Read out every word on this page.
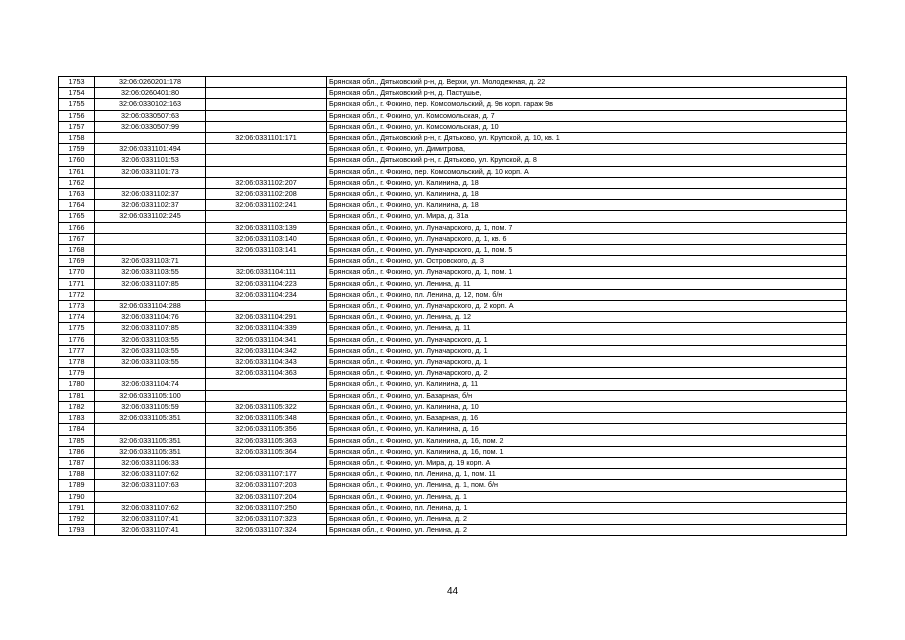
1753	32:06:0260201:178		Брянская обл., Дятьковский р-н, д. Верхи, ул. Молодежная, д. 22
1754	32:06:0260401:80		Брянская обл., Дятьковский р-н, д. Пастушье,
1755	32:06:0330102:163		Брянская обл., г. Фокино, пер. Комсомольский, д. 9в корп. гараж 9в
1756	32:06:0330507:63		Брянская обл., г. Фокино, ул. Комсомольская, д. 7
1757	32:06:0330507:99		Брянская обл., г. Фокино, ул. Комсомольская, д. 10
1758		32:06:0331101:171	Брянская обл., Дятьковский р-н, г. Дятьково, ул. Крупской, д. 10, кв. 1
1759	32:06:0331101:494		Брянская обл., г. Фокино, ул. Димитрова,
1760	32:06:0331101:53		Брянская обл., Дятьковский р-н, г. Дятьково, ул. Крупской, д. 8
1761	32:06:0331101:73		Брянская обл., г. Фокино, пер. Комсомольский, д. 10 корп. А
1762		32:06:0331102:207	Брянская обл., г. Фокино, ул. Калинина, д. 18
1763	32:06:0331102:37	32:06:0331102:208	Брянская обл., г. Фокино, ул. Калинина, д. 18
1764	32:06:0331102:37	32:06:0331102:241	Брянская обл., г. Фокино, ул. Калинина, д. 18
1765	32:06:0331102:245		Брянская обл., г. Фокино, ул. Мира, д. 31а
1766		32:06:0331103:139	Брянская обл., г. Фокино, ул. Луначарского, д. 1, пом. 7
1767		32:06:0331103:140	Брянская обл., г. Фокино, ул. Луначарского, д. 1, кв. 6
1768		32:06:0331103:141	Брянская обл., г. Фокино, ул. Луначарского, д. 1, пом. 5
1769	32:06:0331103:71		Брянская обл., г. Фокино, ул. Островского, д. 3
1770	32:06:0331103:55	32:06:0331104:111	Брянская обл., г. Фокино, ул. Луначарского, д. 1, пом. 1
1771	32:06:0331107:85	32:06:0331104:223	Брянская обл., г. Фокино, ул. Ленина, д. 11
1772		32:06:0331104:234	Брянская обл., г. Фокино, пл. Ленина, д. 12, пом. б/н
1773	32:06:0331104:288		Брянская обл., г. Фокино, ул. Луначарского, д. 2 корп. А
1774	32:06:0331104:76	32:06:0331104:291	Брянская обл., г. Фокино, ул. Ленина, д. 12
1775	32:06:0331107:85	32:06:0331104:339	Брянская обл., г. Фокино, ул. Ленина, д. 11
1776	32:06:0331103:55	32:06:0331104:341	Брянская обл., г. Фокино, ул. Луначарского, д. 1
1777	32:06:0331103:55	32:06:0331104:342	Брянская обл., г. Фокино, ул. Луначарского, д. 1
1778	32:06:0331103:55	32:06:0331104:343	Брянская обл., г. Фокино, ул. Луначарского, д. 1
1779		32:06:0331104:363	Брянская обл., г. Фокино, ул. Луначарского, д. 2
1780	32:06:0331104:74		Брянская обл., г. Фокино, ул. Калинина, д. 11
1781	32:06:0331105:100		Брянская обл., г. Фокино, ул. Базарная, б/н
1782	32:06:0331105:59	32:06:0331105:322	Брянская обл., г. Фокино, ул. Калинина, д. 10
1783	32:06:0331105:351	32:06:0331105:348	Брянская обл., г. Фокино, ул. Базарная, д. 16
1784		32:06:0331105:356	Брянская обл., г. Фокино, ул. Калинина, д. 16
1785	32:06:0331105:351	32:06:0331105:363	Брянская обл., г. Фокино, ул. Калинина, д. 16, пом. 2
1786	32:06:0331105:351	32:06:0331105:364	Брянская обл., г. Фокино, ул. Калинина, д. 16, пом. 1
1787	32:06:0331106:33		Брянская обл., г. Фокино, ул. Мира, д. 19 корп. А
1788	32:06:0331107:62	32:06:0331107:177	Брянская обл., г. Фокино, пл. Ленина, д. 1, пом. 11
1789	32:06:0331107:63	32:06:0331107:203	Брянская обл., г. Фокино, ул. Ленина, д. 1, пом. б/н
1790		32:06:0331107:204	Брянская обл., г. Фокино, ул. Ленина, д. 1
1791	32:06:0331107:62	32:06:0331107:250	Брянская обл., г. Фокино, пл. Ленина, д. 1
1792	32:06:0331107:41	32:06:0331107:323	Брянская обл., г. Фокино, ул. Ленина, д. 2
1793	32:06:0331107:41	32:06:0331107:324	Брянская обл., г. Фокино, ул. Ленина, д. 2
44
